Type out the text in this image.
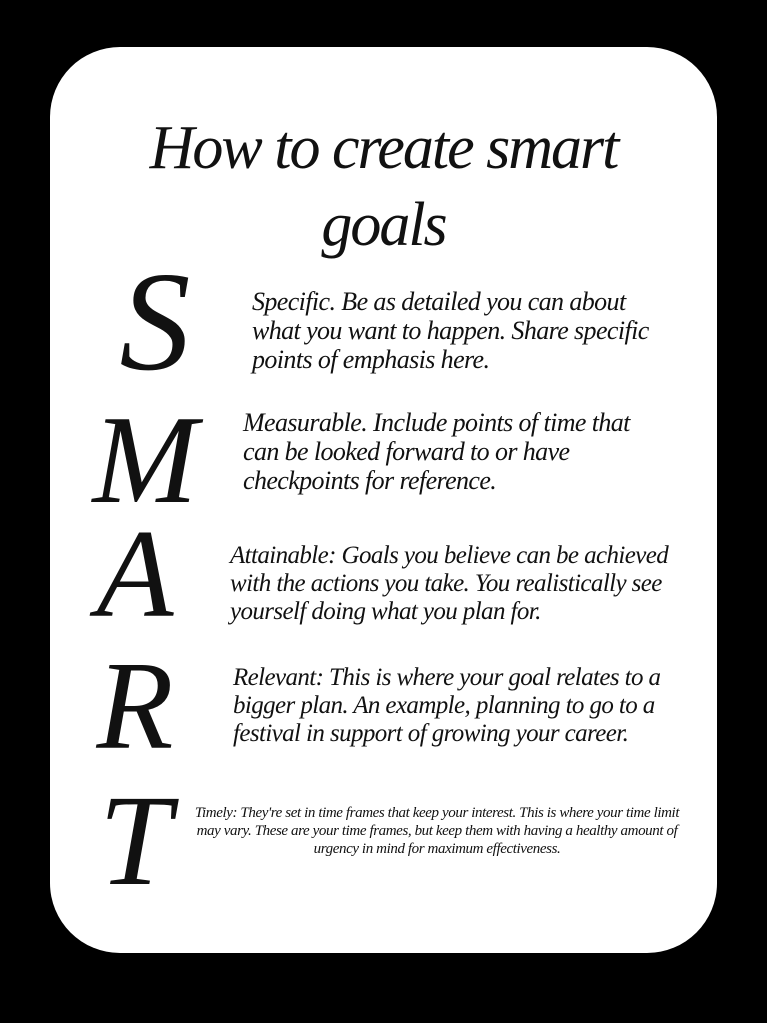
How to create smart
goals
S	Specific. Be as detailed you can about what you want to happen. Share specific points of emphasis here.

M Measurable. Include points of time that can be looked forward to or have checkpoints for reference.

A	Attainable: Goals you believe can be achieved with the actions you take. You realistically see yourself doing what you plan for.

R	Relevant: This is where your goal relates to a bigger plan. An example, planning to go to a festival in support of growing your career.

T	Timely: They're set in time frames that keep your interest. This is where your time limit may vary. These are your time frames, but keep them with having a healthy amount of urgency in mind for maximum effectiveness.
